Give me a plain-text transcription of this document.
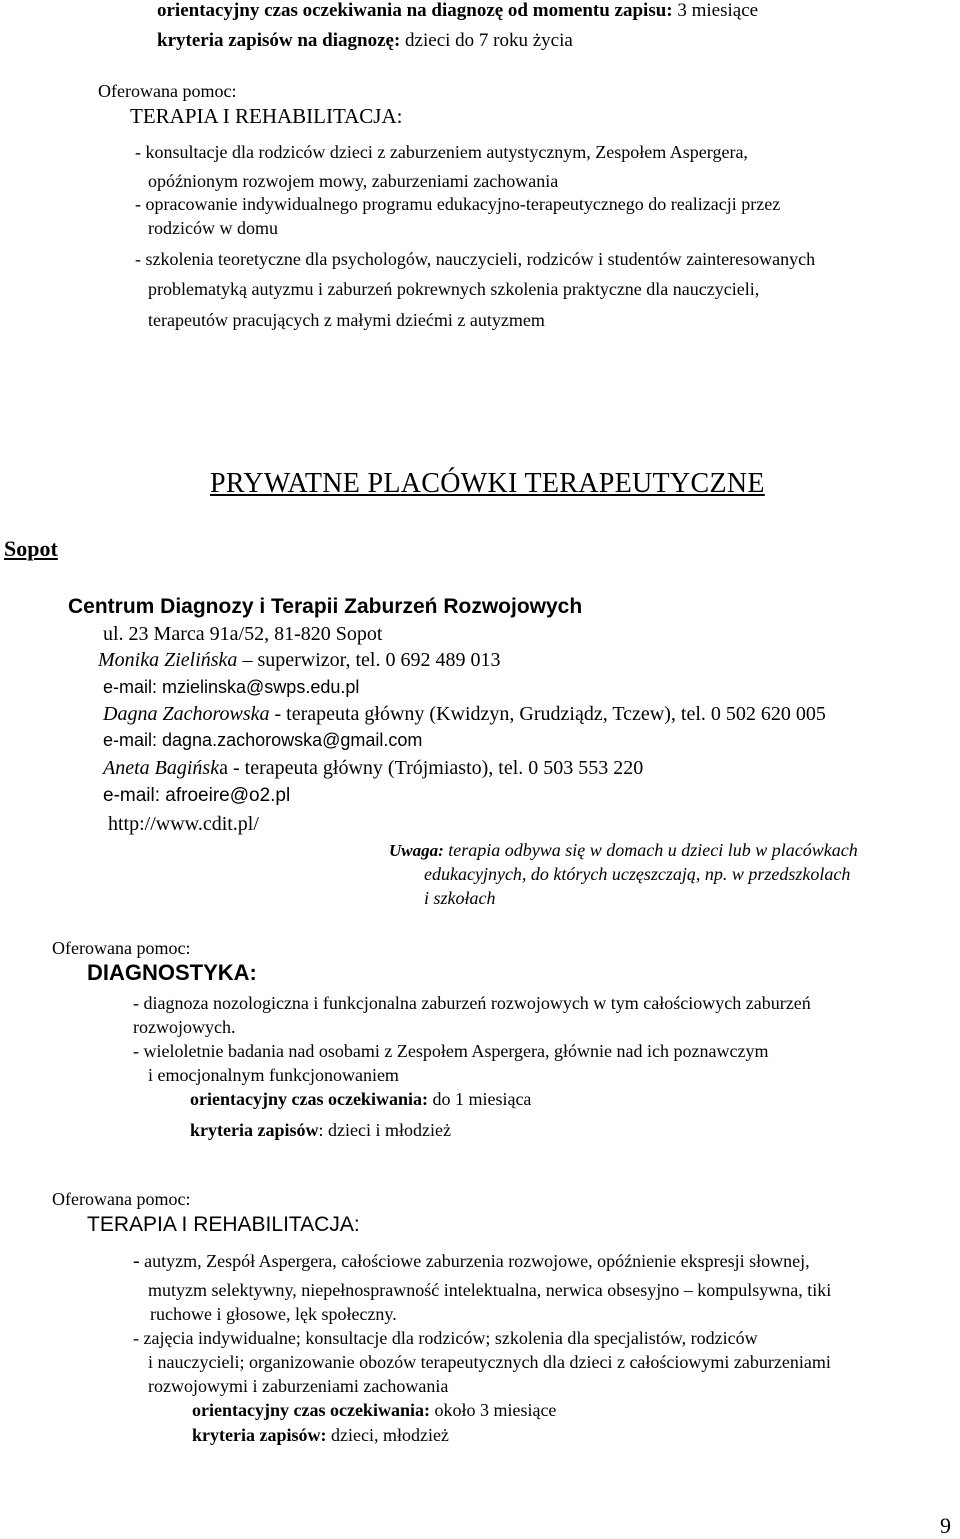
orientacyjny czas oczekiwania na diagnozę od momentu zapisu: 3 miesiące
kryteria zapisów na diagnozę: dzieci do 7 roku życia
Oferowana pomoc:
TERAPIA I REHABILITACJA:
- konsultacje dla rodziców dzieci z zaburzeniem autystycznym, Zespołem Aspergera,
opóźnionym rozwojem mowy, zaburzeniami zachowania
- opracowanie indywidualnego programu edukacyjno-terapeutycznego do realizacji przez
rodziców w domu
- szkolenia teoretyczne dla psychologów, nauczycieli, rodziców i studentów zainteresowanych
problematyką autyzmu i zaburzeń pokrewnych szkolenia praktyczne dla nauczycieli,
terapeutów pracujących z małymi dziećmi z autyzmem
PRYWATNE PLACÓWKI TERAPEUTYCZNE
Sopot
Centrum Diagnozy i Terapii Zaburzeń Rozwojowych
ul. 23 Marca 91a/52, 81-820 Sopot
Monika Zielińska – superwizor, tel. 0 692 489 013
e-mail: mzielinska@swps.edu.pl
Dagna Zachorowska - terapeuta główny (Kwidzyn, Grudziądz, Tczew), tel. 0 502 620 005
e-mail: dagna.zachorowska@gmail.com
Aneta Bagińska - terapeuta główny (Trójmiasto), tel. 0 503 553 220
e-mail: afroeire@o2.pl
http://www.cdit.pl/
Uwaga: terapia odbywa się w domach u dzieci lub w placówkach
edukacyjnych, do których uczęszczają, np. w przedszkolach
i szkołach
Oferowana pomoc:
DIAGNOSTYKA:
- diagnoza nozologiczna i funkcjonalna zaburzeń rozwojowych w tym całościowych zaburzeń
rozwojowych.
- wieloletnie badania nad osobami z Zespołem Aspergera, głównie nad ich poznawczym
i emocjonalnym funkcjonowaniem
orientacyjny czas oczekiwania: do 1 miesiąca
kryteria zapisów: dzieci i młodzież
Oferowana pomoc:
TERAPIA I REHABILITACJA:
- autyzm, Zespół Aspergera, całościowe zaburzenia rozwojowe, opóźnienie ekspresji słownej,
mutyzm selektywny, niepełnosprawność intelektualna, nerwica obsesyjno – kompulsywna, tiki
ruchowe i głosowe, lęk społeczny.
- zajęcia indywidualne; konsultacje dla rodziców; szkolenia dla specjalistów, rodziców
i nauczycieli; organizowanie obozów terapeutycznych dla dzieci z całościowymi zaburzeniami
rozwojowymi i zaburzeniami zachowania
orientacyjny czas oczekiwania: około 3 miesiące
kryteria zapisów: dzieci, młodzież
9
